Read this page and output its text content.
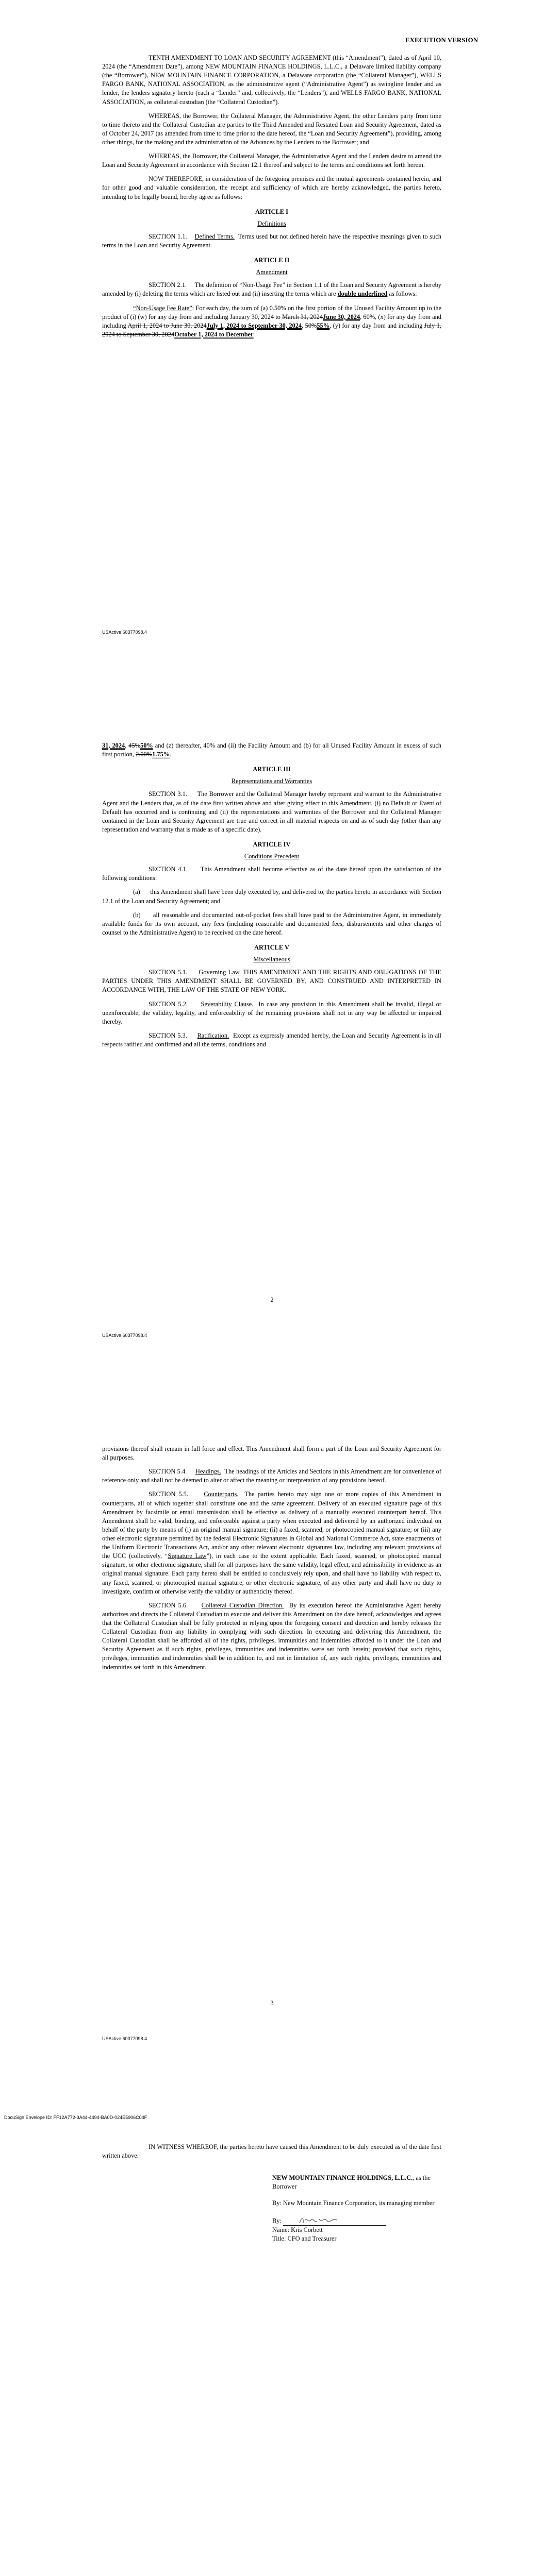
EXECUTION VERSION

TENTH AMENDMENT TO LOAN AND SECURITY AGREEMENT (this “Amendment”), dated as of April 10, 2024 (the “Amendment Date”), among NEW MOUNTAIN FINANCE HOLDINGS, L.L.C., a Delaware limited liability company (the “Borrower”), NEW MOUNTAIN FINANCE CORPORATION, a Delaware corporation (the “Collateral Manager”), WELLS FARGO BANK, NATIONAL ASSOCIATION, as the administrative agent (“Administrative Agent”) as swingline lender and as lender, the lenders signatory hereto (each a “Lender” and, collectively, the “Lenders”), and WELLS FARGO BANK, NATIONAL ASSOCIATION, as collateral custodian (the “Collateral Custodian”).

WHEREAS, the Borrower, the Collateral Manager, the Administrative Agent, the other Lenders party from time to time thereto and the Collateral Custodian are parties to the Third Amended and Restated Loan and Security Agreement, dated as of October 24, 2017 (as amended from time to time prior to the date hereof, the “Loan and Security Agreement”), providing, among other things, for the making and the administration of the Advances by the Lenders to the Borrower; and

WHEREAS, the Borrower, the Collateral Manager, the Administrative Agent and the Lenders desire to amend the Loan and Security Agreement in accordance with Section 12.1 thereof and subject to the terms and conditions set forth herein.

NOW THEREFORE, in consideration of the foregoing premises and the mutual agreements contained herein, and for other good and valuable consideration, the receipt and sufficiency of which are hereby acknowledged, the parties hereto, intending to be legally bound, hereby agree as follows:

ARTICLE I
Definitions

SECTION 1.1. Defined Terms. Terms used but not defined herein have the respective meanings given to such terms in the Loan and Security Agreement.

ARTICLE II
Amendment

SECTION 2.1. The definition of “Non-Usage Fee” in Section 1.1 of the Loan and Security Agreement is hereby amended by (i) deleting the terms which are listed out and (ii) inserting the terms which are double underlined as follows:

“Non-Usage Fee Rate”: For each day, the sum of (a) 0.50% on the first portion of the Unused Facility Amount up to the product of (i) (w) for any day from and including January 30, 2024 to March 31, 2024June 30, 2024, 60%, (x) for any day from and including April 1, 2024 to June 30, 2024July 1, 2024 to September 30, 2024, 50%55%, (y) for any day from and including July 1, 2024 to September 30, 2024October 1, 2024 to December

USActive 60377098.4

31, 2024, 45%50% and (z) thereafter, 40% and (ii) the Facility Amount and (b) for all Unused Facility Amount in excess of such first portion, 2.00%1.75%.

ARTICLE III
Representations and Warranties

SECTION 3.1. The Borrower and the Collateral Manager hereby represent and warrant to the Administrative Agent and the Lenders that, as of the date first written above and after giving effect to this Amendment, (i) no Default or Event of Default has occurred and is continuing and (ii) the representations and warranties of the Borrower and the Collateral Manager contained in the Loan and Security Agreement are true and correct in all material respects on and as of such day (other than any representation and warranty that is made as of a specific date).

ARTICLE IV
Conditions Precedent

SECTION 4.1. This Amendment shall become effective as of the date hereof upon the satisfaction of the following conditions:

(a) this Amendment shall have been duly executed by, and delivered to, the parties hereto in accordance with Section 12.1 of the Loan and Security Agreement; and

(b) all reasonable and documented out-of-pocket fees shall have paid to the Administrative Agent, in immediately available funds for its own account, any fees (including reasonable and documented fees, disbursements and other charges of counsel to the Administrative Agent) to be received on the date hereof.

ARTICLE V
Miscellaneous

SECTION 5.1. Governing Law. THIS AMENDMENT AND THE RIGHTS AND OBLIGATIONS OF THE PARTIES UNDER THIS AMENDMENT SHALL BE GOVERNED BY, AND CONSTRUED AND INTERPRETED IN ACCORDANCE WITH, THE LAW OF THE STATE OF NEW YORK.

SECTION 5.2. Severability Clause. In case any provision in this Amendment shall be invalid, illegal or unenforceable, the validity, legality, and enforceability of the remaining provisions shall not in any way be affected or impaired thereby.

SECTION 5.3. Ratification. Except as expressly amended hereby, the Loan and Security Agreement is in all respects ratified and confirmed and all the terms, conditions and

2
USActive 60377098.4

provisions thereof shall remain in full force and effect. This Amendment shall form a part of the Loan and Security Agreement for all purposes.

SECTION 5.4. Headings. The headings of the Articles and Sections in this Amendment are for convenience of reference only and shall not be deemed to alter or affect the meaning or interpretation of any provisions hereof.

SECTION 5.5. Counterparts. The parties hereto may sign one or more copies of this Amendment in counterparts, all of which together shall constitute one and the same agreement. Delivery of an executed signature page of this Amendment by facsimile or email transmission shall be effective as delivery of a manually executed counterpart hereof. This Amendment shall be valid, binding, and enforceable against a party when executed and delivered by an authorized individual on behalf of the party by means of (i) an original manual signature; (ii) a faxed, scanned, or photocopied manual signature; or (iii) any other electronic signature permitted by the federal Electronic Signatures in Global and National Commerce Act, state enactments of the Uniform Electronic Transactions Act, and/or any other relevant electronic signatures law, including any relevant provisions of the UCC (collectively, “Signature Law”), in each case to the extent applicable. Each faxed, scanned, or photocopied manual signature, or other electronic signature, shall for all purposes have the same validity, legal effect, and admissibility in evidence as an original manual signature. Each party hereto shall be entitled to conclusively rely upon, and shall have no liability with respect to, any faxed, scanned, or photocopied manual signature, or other electronic signature, of any other party and shall have no duty to investigate, confirm or otherwise verify the validity or authenticity thereof.

SECTION 5.6. Collateral Custodian Direction. By its execution hereof the Administrative Agent hereby authorizes and directs the Collateral Custodian to execute and deliver this Amendment on the date hereof, acknowledges and agrees that the Collateral Custodian shall be fully protected in relying upon the foregoing consent and direction and hereby releases the Collateral Custodian from any liability in complying with such direction. In executing and delivering this Amendment, the Collateral Custodian shall be afforded all of the rights, privileges, immunities and indemnities afforded to it under the Loan and Security Agreement as if such rights, privileges, immunities and indemnities were set forth herein; provided that such rights, privileges, immunities and indemnities shall be in addition to, and not in limitation of, any such rights, privileges, immunities and indemnities set forth in this Amendment.

3
USActive 60377098.4
DocuSign Envelope ID: FF12A772-3A44-4494-BA0D-024E5906C04F

IN WITNESS WHEREOF, the parties hereto have caused this Amendment to be duly executed as of the date first written above.

NEW MOUNTAIN FINANCE HOLDINGS, L.L.C., as the Borrower
By: New Mountain Finance Corporation, its managing member
By:
Name: Kris Corbett
Title: CFO and Treasurer
